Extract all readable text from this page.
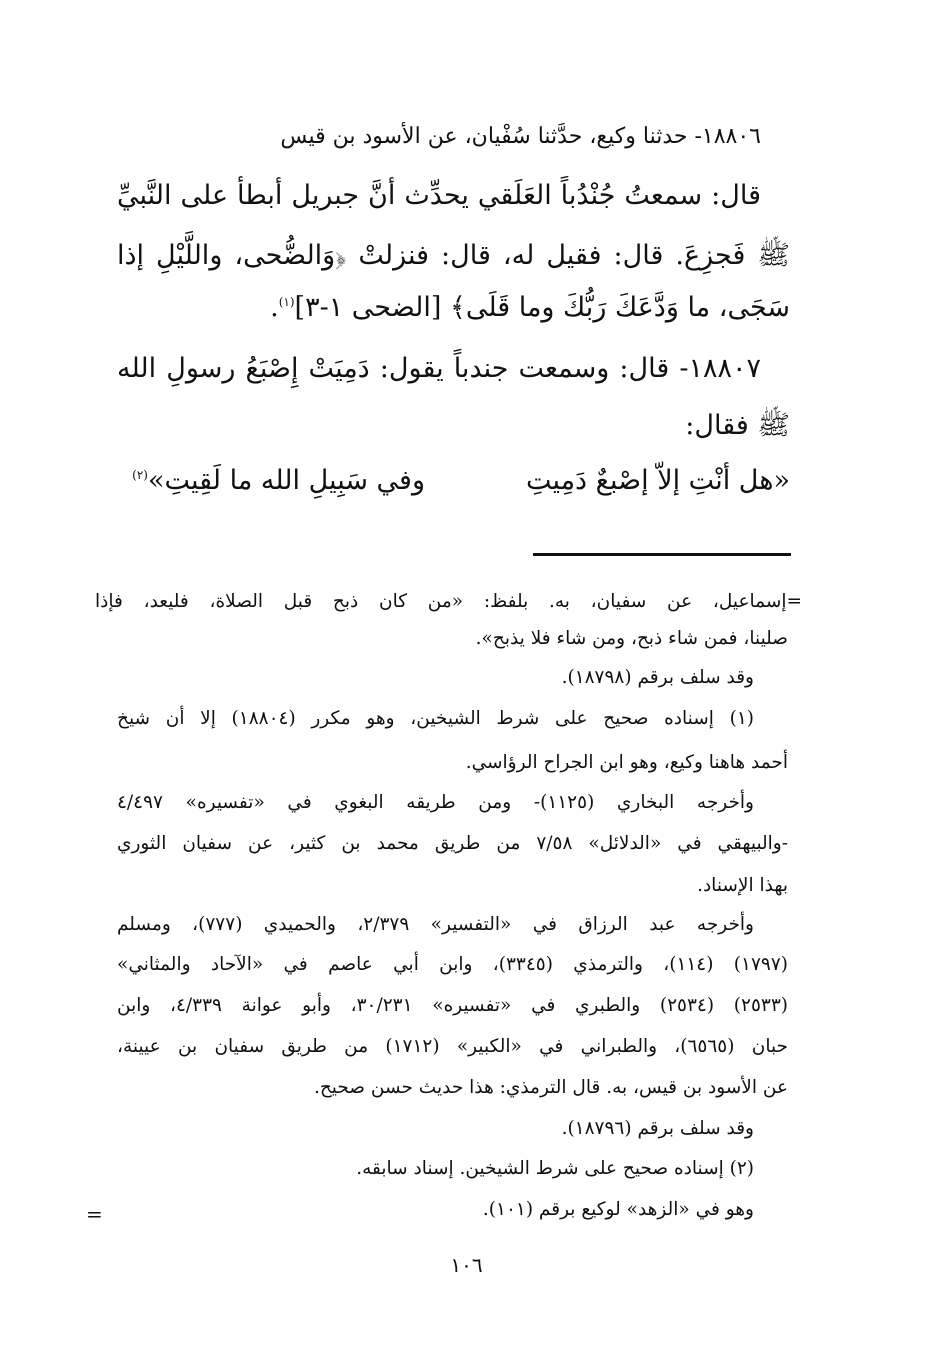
١٨٨٠٦- حدثنا وكيع، حدَّثنا سُفْيان، عن الأسود بن قيس

قال: سمعتُ جُنْدُباً العَلَقي يحدِّث أنَّ جبريل أبطأ على النَّبيِّ

ﷺ فَجزِعَ. قال: فقيل له، قال: فنزلتْ ﴿وَالضُّحى، واللَّيْلِ إذا

سَجَى، ما وَدَّعَكَ رَبُّكَ وما قَلَى﴾ [الضحى ١-٣]$^{(١)}$.

١٨٨٠٧- قال: وسمعت جندباً يقول: دَمِيَتْ إِصْبَعُ رسولِ الله

ﷺ فقال:

«هل أنْتِ إلاّ إصْبعٌ دَمِيتِ

وفي سَبِيلِ الله ما لَقِيتِ»$^{(٢)}$

=إسماعيل، عن سفيان، به. بلفظ: «من كان ذبح قبل الصلاة، فليعد، فإذا

صلينا، فمن شاء ذبح، ومن شاء فلا يذبح».

وقد سلف برقم (١٨٧٩٨).

(١) إسناده صحيح على شرط الشيخين، وهو مكرر (١٨٨٠٤) إلا أن شيخ

أحمد هاهنا وكيع، وهو ابن الجراح الرؤاسي.

وأخرجه البخاري (١١٢٥)- ومن طريقه البغوي في «تفسيره» ٤/٤٩٧

-والبيهقي في «الدلائل» ٧/٥٨ من طريق محمد بن كثير، عن سفيان الثوري

بهذا الإسناد.

وأخرجه عبد الرزاق في «التفسير» ٢/٣٧٩، والحميدي (٧٧٧)، ومسلم

(١٧٩٧) (١١٤)، والترمذي (٣٣٤٥)، وابن أبي عاصم في «الآحاد والمثاني»

(٢٥٣٣) (٢٥٣٤) والطبري في «تفسيره» ٣٠/٢٣١، وأبو عوانة ٤/٣٣٩، وابن

حبان (٦٥٦٥)، والطبراني في «الكبير» (١٧١٢) من طريق سفيان بن عيينة،

عن الأسود بن قيس، به. قال الترمذي: هذا حديث حسن صحيح.

وقد سلف برقم (١٨٧٩٦).

(٢) إسناده صحيح على شرط الشيخين. إسناد سابقه.

وهو في «الزهد» لوكيع برقم (١٠١).

=
١٠٦
